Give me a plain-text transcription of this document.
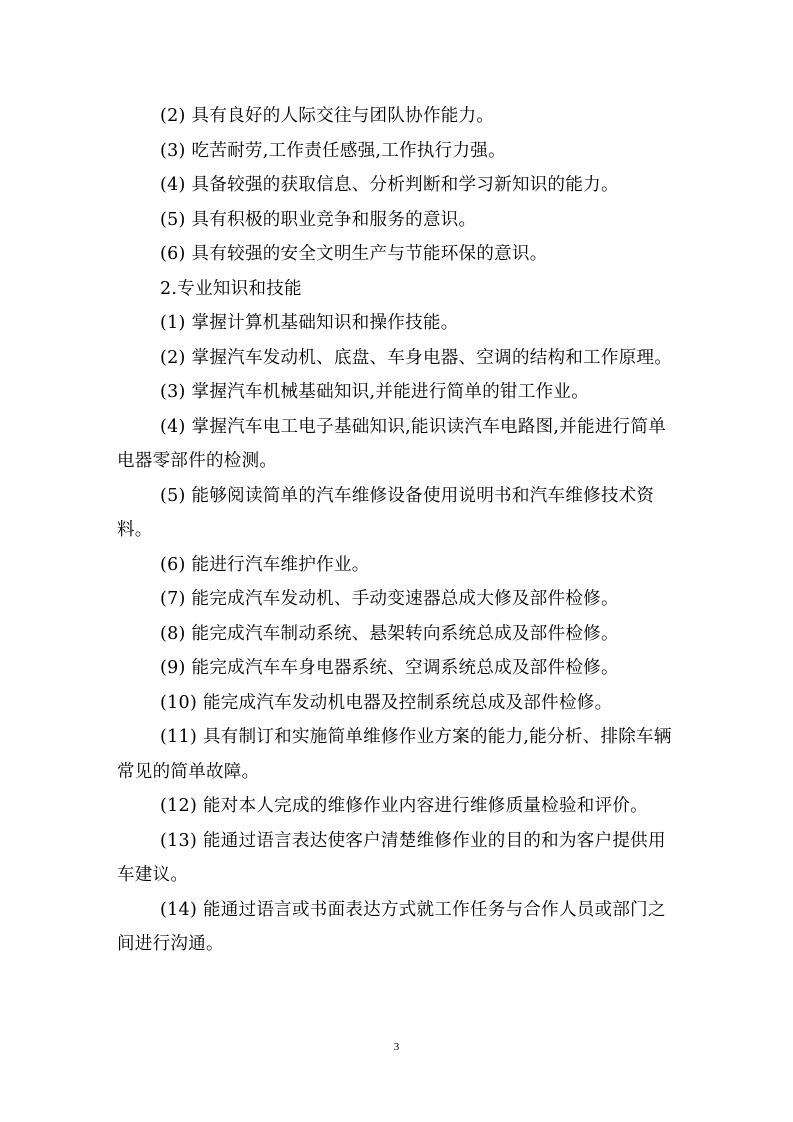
(2) 具有良好的人际交往与团队协作能力。

(3) 吃苦耐劳,工作责任感强,工作执行力强。

(4) 具备较强的获取信息、分析判断和学习新知识的能力。

(5) 具有积极的职业竞争和服务的意识。

(6) 具有较强的安全文明生产与节能环保的意识。

2.专业知识和技能

(1) 掌握计算机基础知识和操作技能。

(2) 掌握汽车发动机、底盘、车身电器、空调的结构和工作原理。

(3) 掌握汽车机械基础知识,并能进行简单的钳工作业。

(4) 掌握汽车电工电子基础知识,能识读汽车电路图,并能进行简单电器零部件的检测。

(5) 能够阅读简单的汽车维修设备使用说明书和汽车维修技术资料。

(6) 能进行汽车维护作业。

(7) 能完成汽车发动机、手动变速器总成大修及部件检修。

(8) 能完成汽车制动系统、悬架转向系统总成及部件检修。

(9) 能完成汽车车身电器系统、空调系统总成及部件检修。

(10) 能完成汽车发动机电器及控制系统总成及部件检修。

(11) 具有制订和实施简单维修作业方案的能力,能分析、排除车辆常见的简单故障。

(12) 能对本人完成的维修作业内容进行维修质量检验和评价。

(13) 能通过语言表达使客户清楚维修作业的目的和为客户提供用车建议。

(14) 能通过语言或书面表达方式就工作任务与合作人员或部门之间进行沟通。

3
